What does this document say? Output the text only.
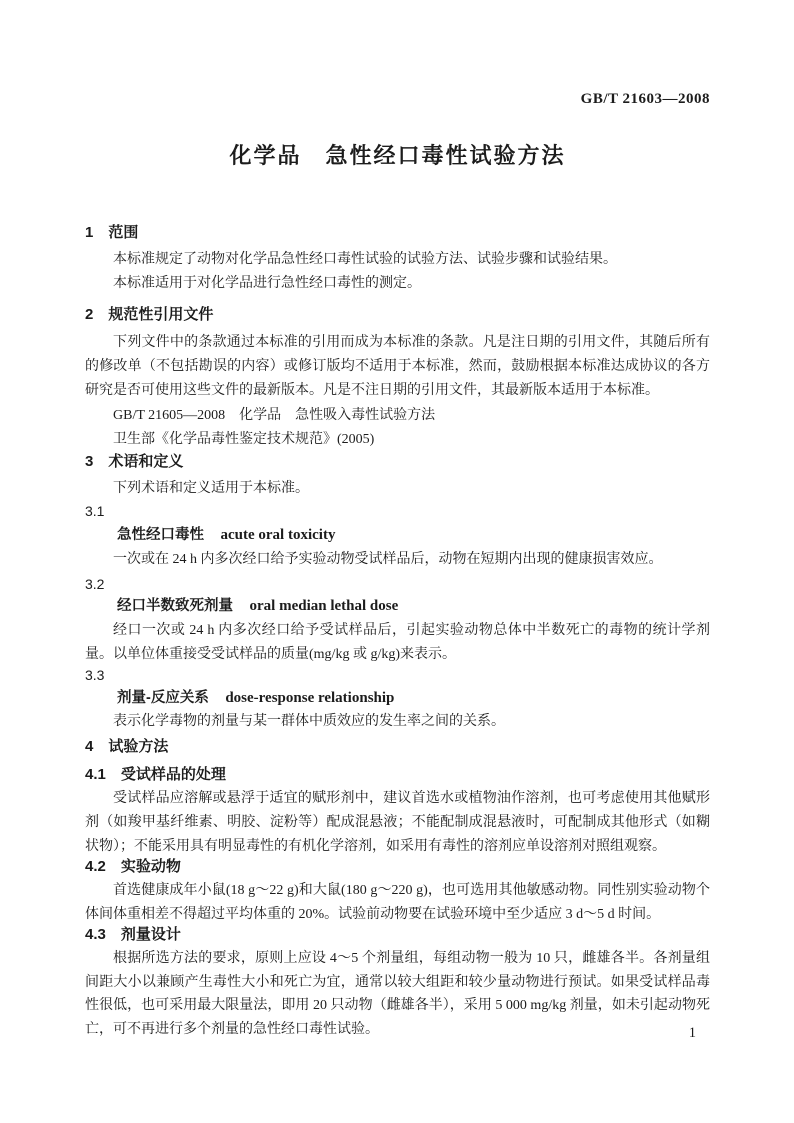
GB/T 21603—2008
化学品　急性经口毒性试验方法
1　范围

本标准规定了动物对化学品急性经口毒性试验的试验方法、试验步骤和试验结果。

本标准适用于对化学品进行急性经口毒性的测定。

2　规范性引用文件

下列文件中的条款通过本标准的引用而成为本标准的条款。凡是注日期的引用文件，其随后所有的修改单（不包括勘误的内容）或修订版均不适用于本标准，然而，鼓励根据本标准达成协议的各方研究是否可使用这些文件的最新版本。凡是不注日期的引用文件，其最新版本适用于本标准。

GB/T 21605—2008　化学品　急性吸入毒性试验方法

卫生部《化学品毒性鉴定技术规范》(2005)

3　术语和定义

下列术语和定义适用于本标准。

3.1

急性经口毒性 acute oral toxicity

一次或在 24 h 内多次经口给予实验动物受试样品后，动物在短期内出现的健康损害效应。

3.2

经口半数致死剂量 oral median lethal dose

经口一次或 24 h 内多次经口给予受试样品后，引起实验动物总体中半数死亡的毒物的统计学剂量。以单位体重接受受试样品的质量(mg/kg 或 g/kg)来表示。

3.3

剂量-反应关系 dose-response relationship

表示化学毒物的剂量与某一群体中质效应的发生率之间的关系。

4　试验方法
4.1　受试样品的处理

受试样品应溶解或悬浮于适宜的赋形剂中，建议首选水或植物油作溶剂，也可考虑使用其他赋形剂（如羧甲基纤维素、明胶、淀粉等）配成混悬液；不能配制成混悬液时，可配制成其他形式（如糊状物）；不能采用具有明显毒性的有机化学溶剂，如采用有毒性的溶剂应单设溶剂对照组观察。

4.2　实验动物

首选健康成年小鼠(18 g～22 g)和大鼠(180 g～220 g)，也可选用其他敏感动物。同性别实验动物个体间体重相差不得超过平均体重的 20%。试验前动物要在试验环境中至少适应 3 d～5 d 时间。

4.3　剂量设计

根据所选方法的要求，原则上应设 4～5 个剂量组，每组动物一般为 10 只，雌雄各半。各剂量组间距大小以兼顾产生毒性大小和死亡为宜，通常以较大组距和较少量动物进行预试。如果受试样品毒性很低，也可采用最大限量法，即用 20 只动物（雌雄各半），采用 5 000 mg/kg 剂量，如未引起动物死亡，可不再进行多个剂量的急性经口毒性试验。	1
